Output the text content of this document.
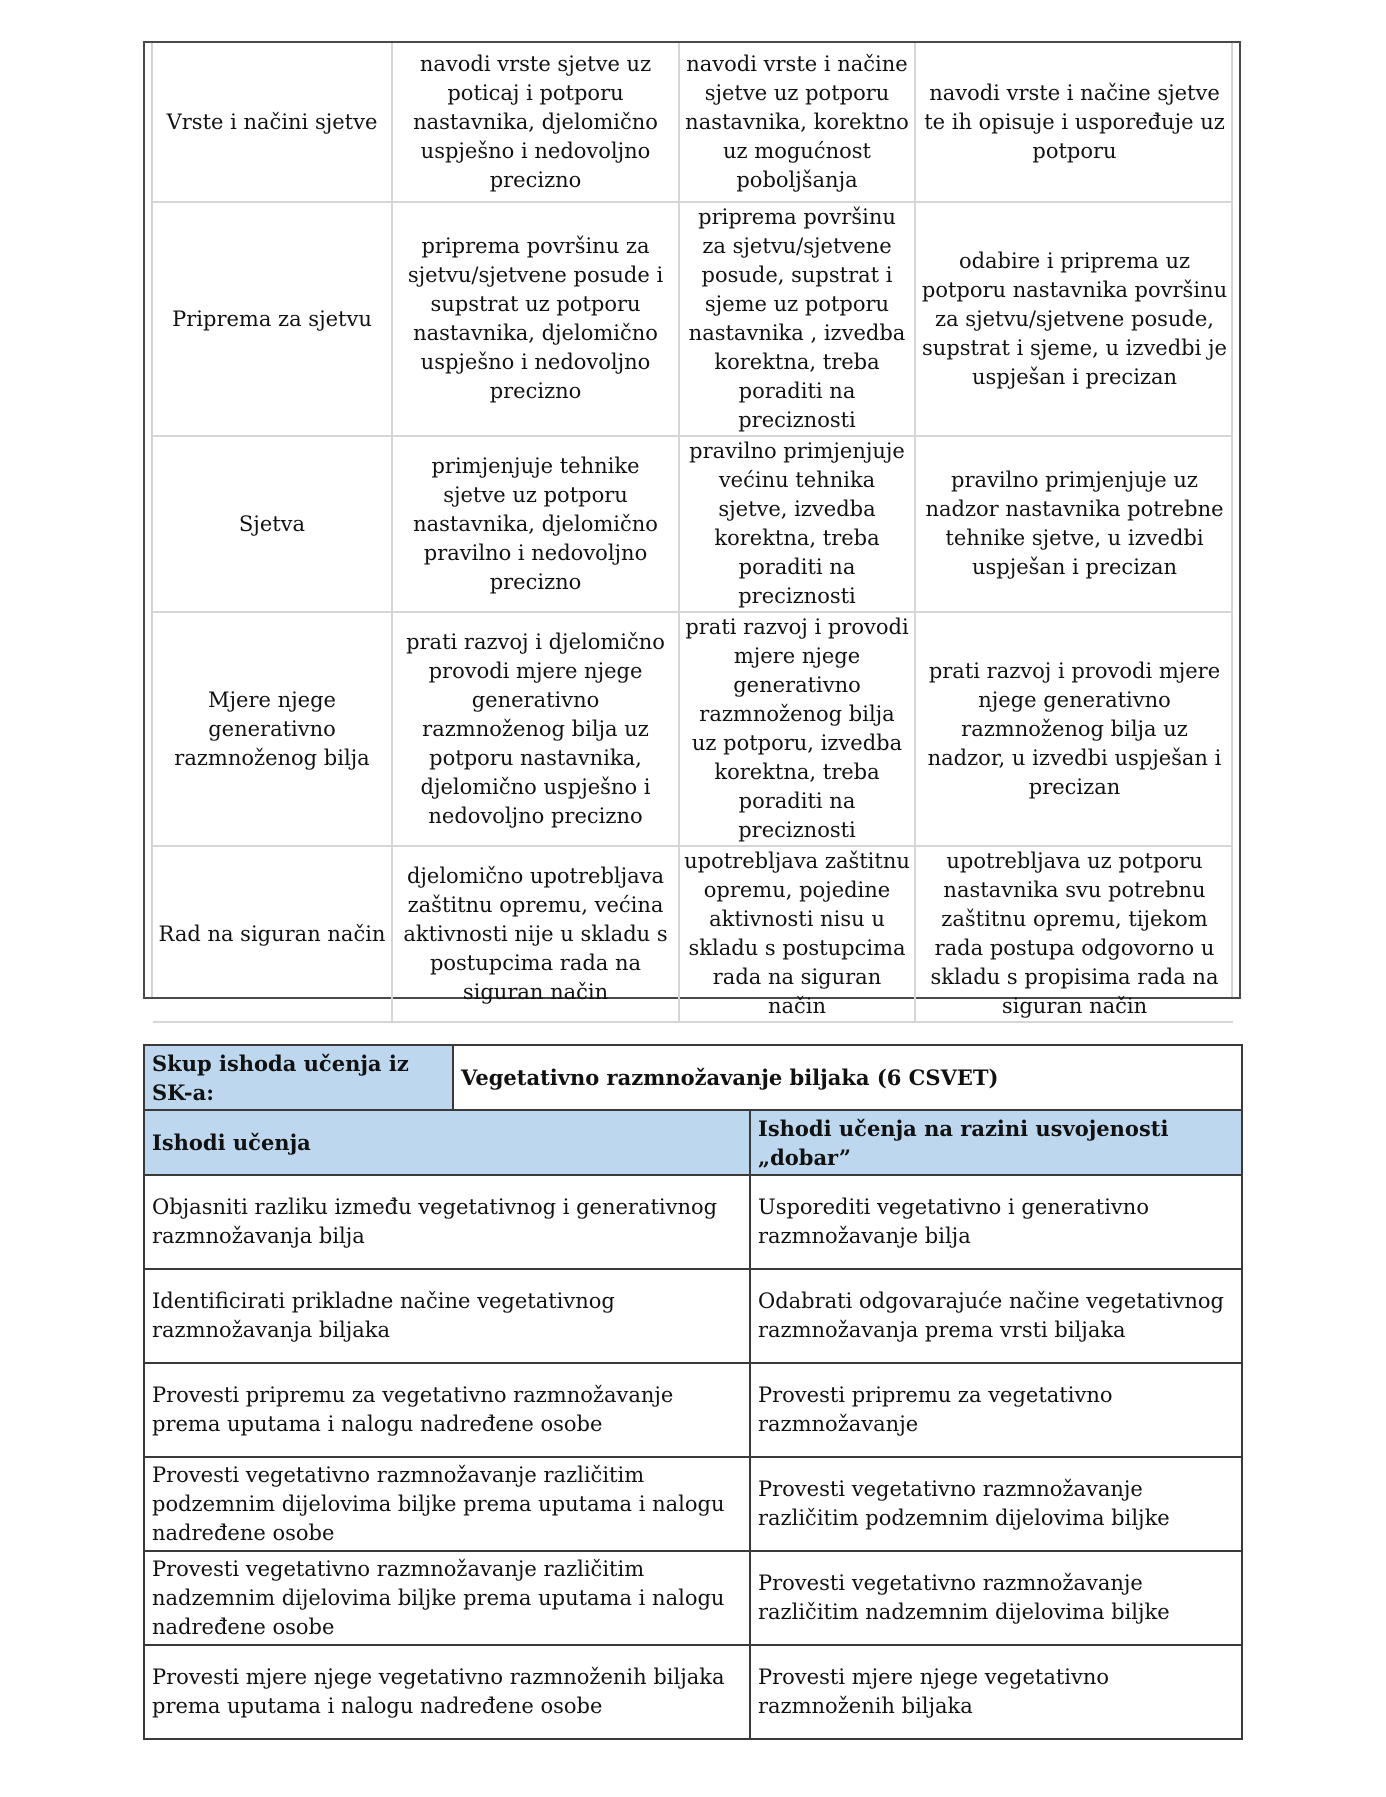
Vrste i načini sjetve	navodi vrste sjetve uz poticaj i potporu nastavnika, djelomično uspješno i nedovoljno precizno	navodi vrste i načine sjetve uz potporu nastavnika, korektno uz mogućnost poboljšanja	navodi vrste i načine sjetve te ih opisuje i uspoređuje uz potporu
Priprema za sjetvu	priprema površinu za sjetvu/sjetvene posude i supstrat uz potporu nastavnika, djelomično uspješno i nedovoljno precizno	priprema površinu za sjetvu/sjetvene posude, supstrat i sjeme uz potporu nastavnika , izvedba korektna, treba poraditi na preciznosti	odabire i priprema uz potporu nastavnika površinu za sjetvu/sjetvene posude, supstrat i sjeme, u izvedbi je uspješan i precizan
Sjetva	primjenjuje tehnike sjetve uz potporu nastavnika, djelomično pravilno i nedovoljno precizno	pravilno primjenjuje većinu tehnika sjetve, izvedba korektna, treba poraditi na preciznosti	pravilno primjenjuje uz nadzor nastavnika potrebne tehnike sjetve, u izvedbi uspješan i precizan
Mjere njege generativno razmnoženog bilja	prati razvoj i djelomično provodi mjere njege generativno razmnoženog bilja uz potporu nastavnika, djelomično uspješno i nedovoljno precizno	prati razvoj i provodi mjere njege generativno razmnoženog bilja uz potporu, izvedba korektna, treba poraditi na preciznosti	prati razvoj i provodi mjere njege generativno razmnoženog bilja uz nadzor, u izvedbi uspješan i precizan
Rad na siguran način	djelomično upotrebljava zaštitnu opremu, većina aktivnosti nije u skladu s postupcima rada na siguran način	upotrebljava zaštitnu opremu, pojedine aktivnosti nisu u skladu s postupcima rada na siguran način	upotrebljava uz potporu nastavnika svu potrebnu zaštitnu opremu, tijekom rada postupa odgovorno u skladu s propisima rada na siguran način

Skup ishoda učenja iz SK-a:	Vegetativno razmnožavanje biljaka (6 CSVET)	
Ishodi učenja		Ishodi učenja na razini usvojenosti „dobar”
Objasniti razliku između vegetativnog i generativnog razmnožavanja bilja		Usporediti vegetativno i generativno razmnožavanje bilja
Identificirati prikladne načine vegetativnog razmnožavanja biljaka		Odabrati odgovarajuće načine vegetativnog razmnožavanja prema vrsti biljaka
Provesti pripremu za vegetativno razmnožavanje prema uputama i nalogu nadređene osobe		Provesti pripremu za vegetativno razmnožavanje
Provesti vegetativno razmnožavanje različitim podzemnim dijelovima biljke prema uputama i nalogu nadređene osobe		Provesti vegetativno razmnožavanje različitim podzemnim dijelovima biljke
Provesti vegetativno razmnožavanje različitim nadzemnim dijelovima biljke prema uputama i nalogu nadređene osobe		Provesti vegetativno razmnožavanje različitim nadzemnim dijelovima biljke
Provesti mjere njege vegetativno razmnoženih biljaka prema uputama i nalogu nadređene osobe		Provesti mjere njege vegetativno razmnoženih biljaka
